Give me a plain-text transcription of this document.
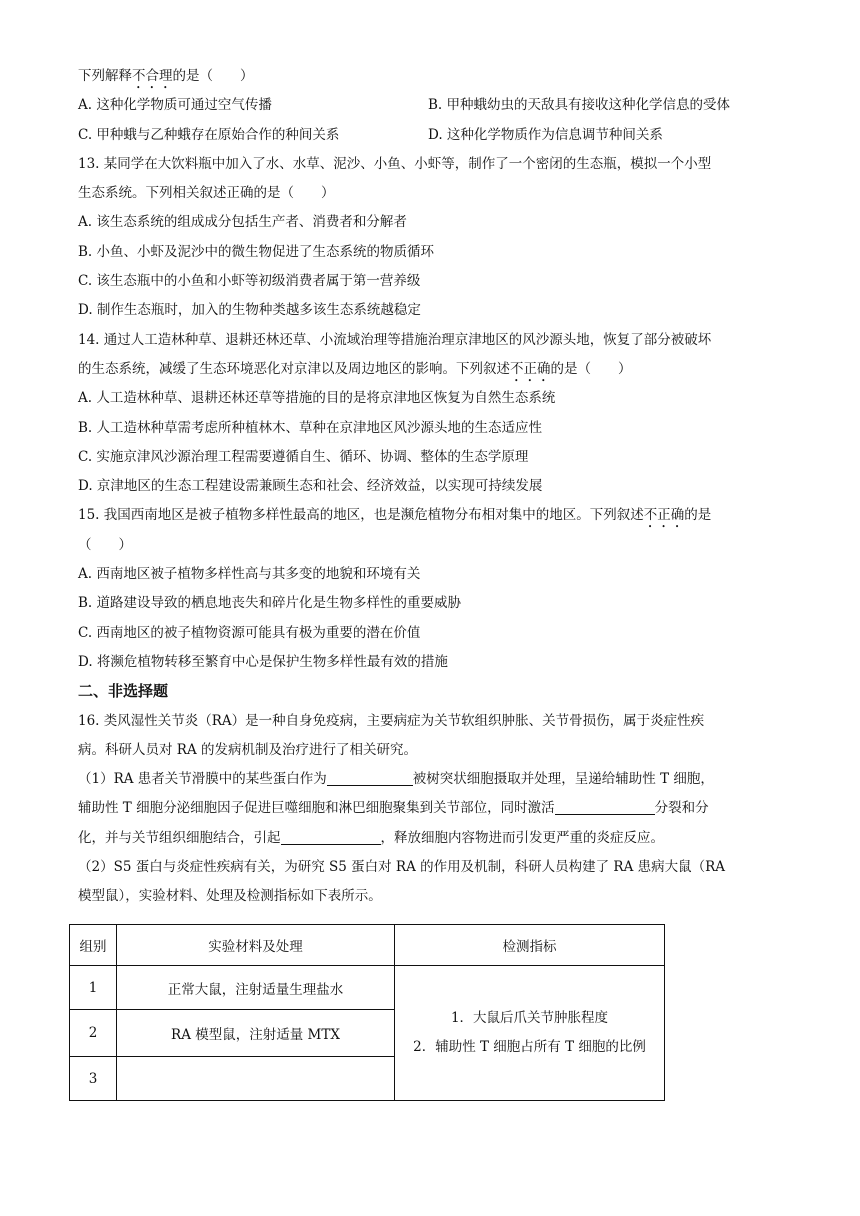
下列解释不合理的是（　　）
A. 这种化学物质可通过空气传播	B. 甲种蛾幼虫的天敌具有接收这种化学信息的受体
C. 甲种蛾与乙种蛾存在原始合作的种间关系	D. 这种化学物质作为信息调节种间关系
13. 某同学在大饮料瓶中加入了水、水草、泥沙、小鱼、小虾等，制作了一个密闭的生态瓶，模拟一个小型
生态系统。下列相关叙述正确的是（　　）
A. 该生态系统的组成成分包括生产者、消费者和分解者
B. 小鱼、小虾及泥沙中的微生物促进了生态系统的物质循环
C. 该生态瓶中的小鱼和小虾等初级消费者属于第一营养级
D. 制作生态瓶时，加入的生物种类越多该生态系统越稳定
14. 通过人工造林种草、退耕还林还草、小流域治理等措施治理京津地区的风沙源头地，恢复了部分被破坏
的生态系统，减缓了生态环境恶化对京津以及周边地区的影响。下列叙述不正确的是（　　）
A. 人工造林种草、退耕还林还草等措施的目的是将京津地区恢复为自然生态系统
B. 人工造林种草需考虑所种植林木、草种在京津地区风沙源头地的生态适应性
C. 实施京津风沙源治理工程需要遵循自生、循环、协调、整体的生态学原理
D. 京津地区的生态工程建设需兼顾生态和社会、经济效益，以实现可持续发展
15. 我国西南地区是被子植物多样性最高的地区，也是濒危植物分布相对集中的地区。下列叙述不正确的是
（　　）
A. 西南地区被子植物多样性高与其多变的地貌和环境有关
B. 道路建设导致的栖息地丧失和碎片化是生物多样性的重要威胁
C. 西南地区的被子植物资源可能具有极为重要的潜在价值
D. 将濒危植物转移至繁育中心是保护生物多样性最有效的措施
二、非选择题
16. 类风湿性关节炎（RA）是一种自身免疫病，主要病症为关节软组织肿胀、关节骨损伤，属于炎症性疾
病。科研人员对 RA 的发病机制及治疗进行了相关研究。
（1）RA 患者关节滑膜中的某些蛋白作为	被树突状细胞摄取并处理，呈递给辅助性 T 细胞，
辅助性 T 细胞分泌细胞因子促进巨噬细胞和淋巴细胞聚集到关节部位，同时激活	分裂和分
化，并与关节组织细胞结合，引起	，释放细胞内容物进而引发更严重的炎症反应。
（2）S5 蛋白与炎症性疾病有关，为研究 S5 蛋白对 RA 的作用及机制，科研人员构建了 RA 患病大鼠（RA
模型鼠），实验材料、处理及检测指标如下表所示。
组别	实验材料及处理	检测指标
1	正常大鼠，注射适量生理盐水	1．大鼠后爪关节肿胀程度
2．辅助性 T 细胞占所有 T 细胞的比例

2	RA 模型鼠，注射适量 MTX	
3		
